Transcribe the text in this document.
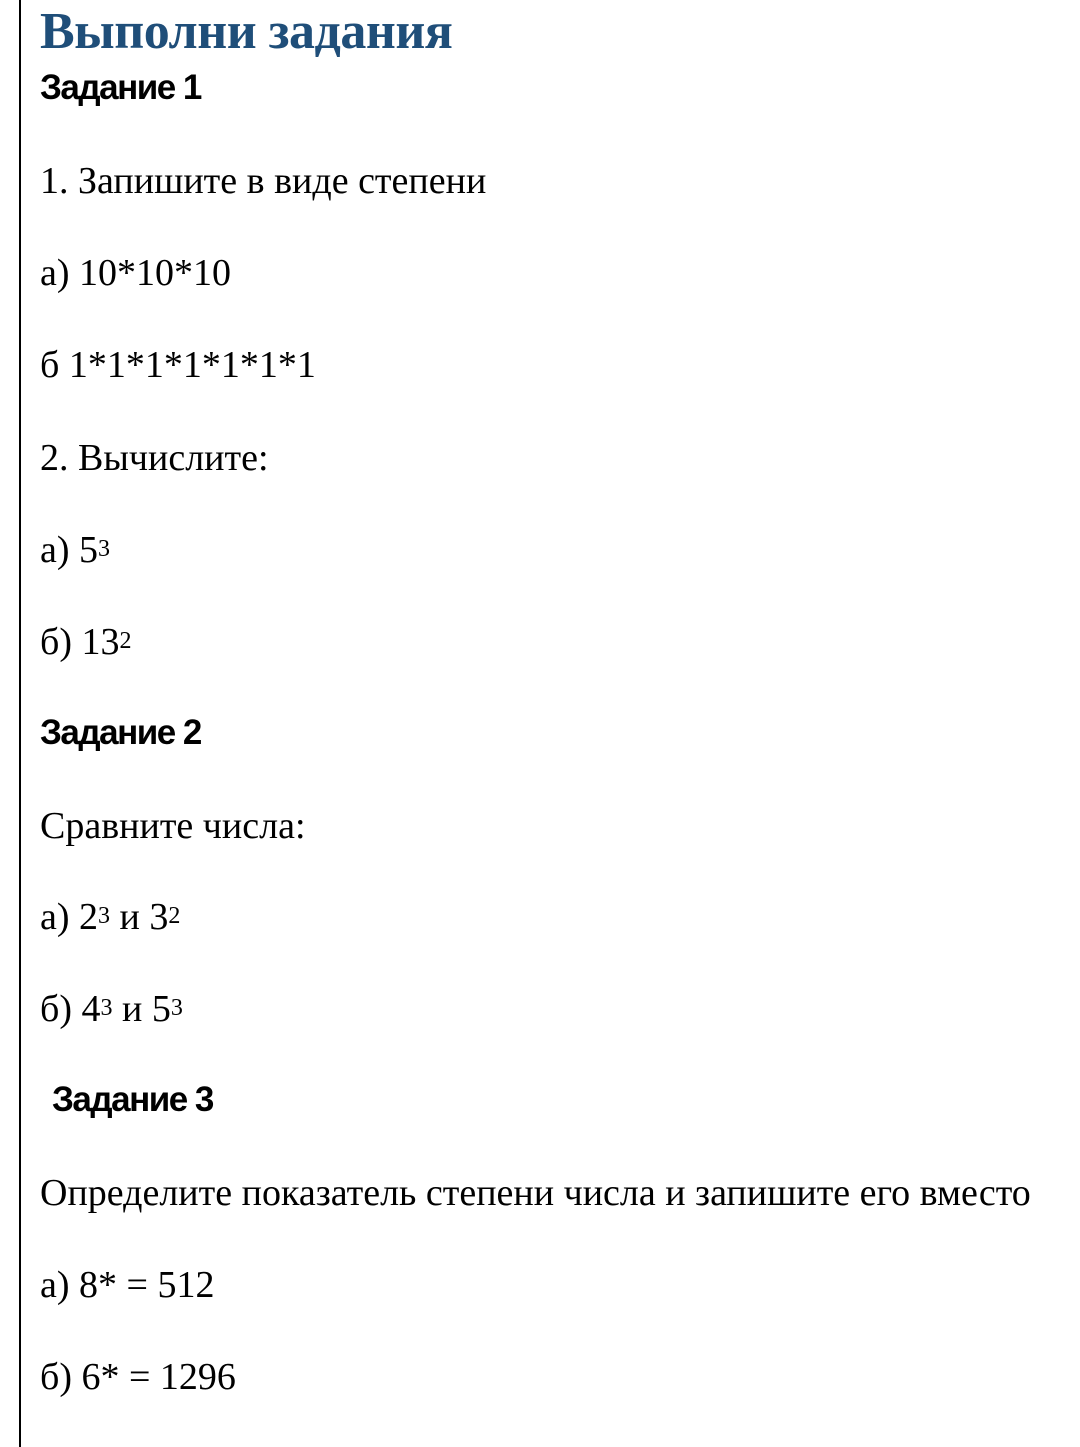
Выполни задания
Задание 1
1. Запишите в виде степени
а) 10*10*10
б 1*1*1*1*1*1*1
2. Вычислите:
а) $5^3$
б) $13^2$
Задание 2
Сравните числа:
а) $2^3$ и $3^2$
б) $4^3$ и $5^3$
Задание 3
Определите показатель степени числа и запишите его вместо
а) 8* = 512
б) 6* = 1296
